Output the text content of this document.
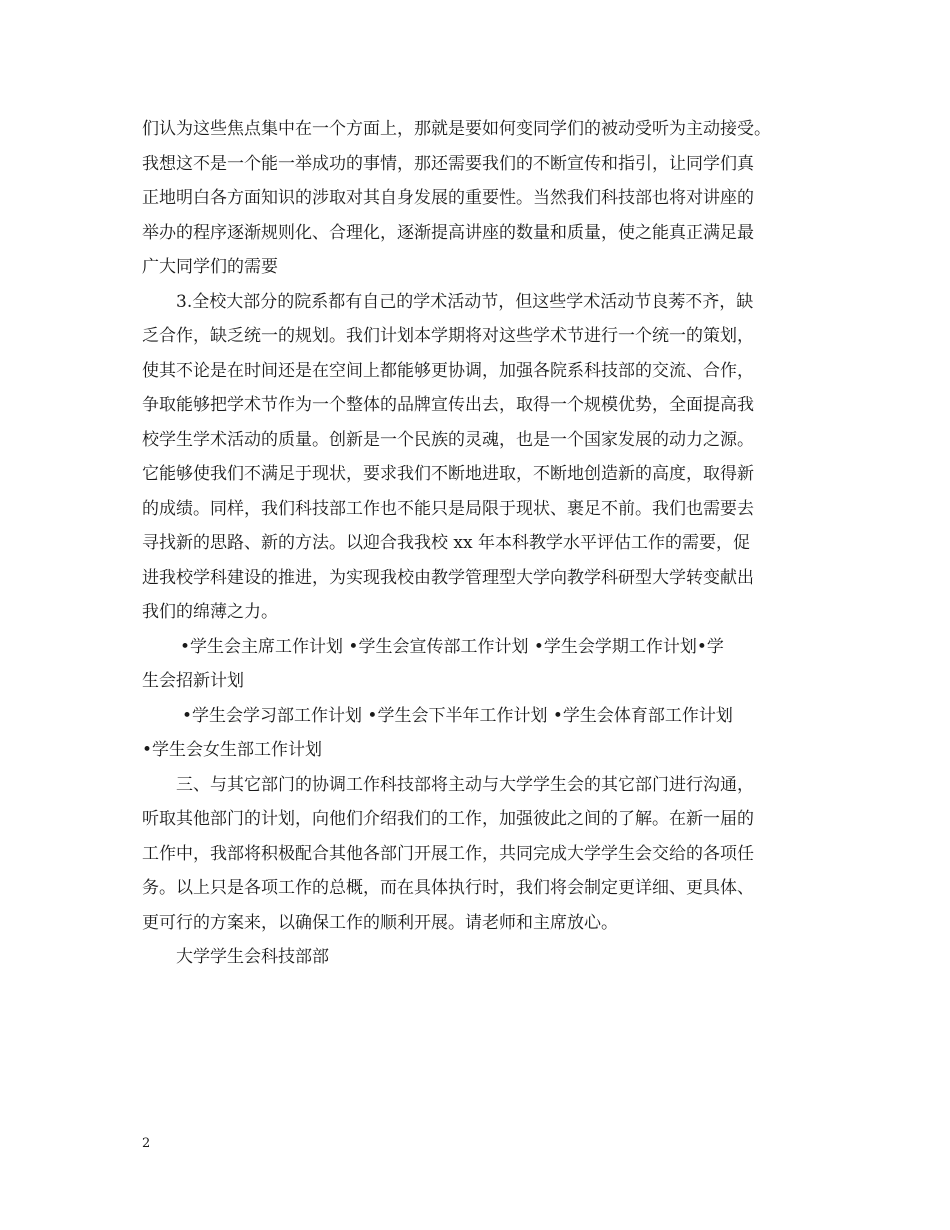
们认为这些焦点集中在一个方面上，那就是要如何变同学们的被动受听为主动接受。
我想这不是一个能一举成功的事情，那还需要我们的不断宣传和指引，让同学们真
正地明白各方面知识的涉取对其自身发展的重要性。当然我们科技部也将对讲座的
举办的程序逐渐规则化、合理化，逐渐提高讲座的数量和质量，使之能真正满足最
广大同学们的需要
3.全校大部分的院系都有自己的学术活动节，但这些学术活动节良莠不齐，缺
乏合作，缺乏统一的规划。我们计划本学期将对这些学术节进行一个统一的策划，
使其不论是在时间还是在空间上都能够更协调，加强各院系科技部的交流、合作，
争取能够把学术节作为一个整体的品牌宣传出去，取得一个规模优势，全面提高我
校学生学术活动的质量。创新是一个民族的灵魂，也是一个国家发展的动力之源。
它能够使我们不满足于现状，要求我们不断地进取，不断地创造新的高度，取得新
的成绩。同样，我们科技部工作也不能只是局限于现状、裹足不前。我们也需要去
寻找新的思路、新的方法。以迎合我我校 xx 年本科教学水平评估工作的需要，促
进我校学科建设的推进，为实现我校由教学管理型大学向教学科研型大学转变献出
我们的绵薄之力。
•学生会主席工作计划 •学生会宣传部工作计划 •学生会学期工作计划•学
生会招新计划
•学生会学习部工作计划 •学生会下半年工作计划 •学生会体育部工作计划
•学生会女生部工作计划
三、与其它部门的协调工作科技部将主动与大学学生会的其它部门进行沟通，
听取其他部门的计划，向他们介绍我们的工作，加强彼此之间的了解。在新一届的
工作中，我部将积极配合其他各部门开展工作，共同完成大学学生会交给的各项任
务。以上只是各项工作的总概，而在具体执行时，我们将会制定更详细、更具体、
更可行的方案来，以确保工作的顺利开展。请老师和主席放心。
大学学生会科技部部
2
